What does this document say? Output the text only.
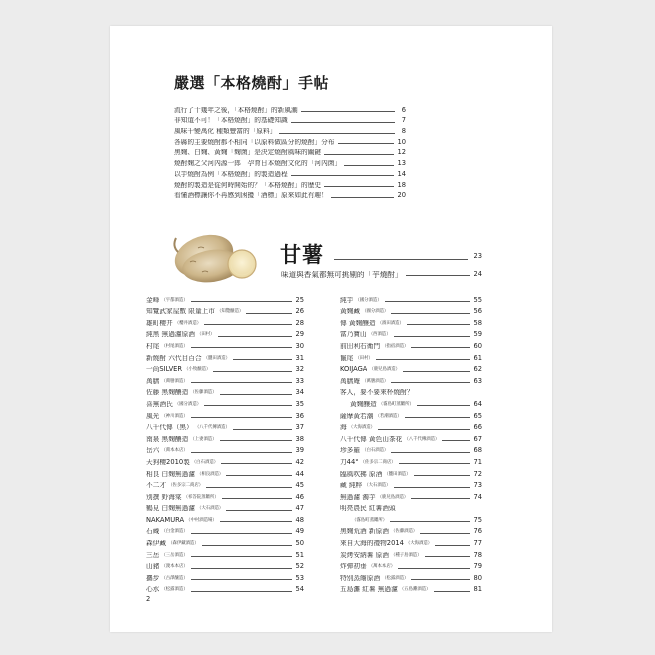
嚴選「本格燒酎」手帖
流行了十幾年之後，「本格燒酎」的新風潮	6
非知道不可！「本格燒酎」的基礎知識	7
風味千變萬化 種類豐富的「原料」	8
各縣的主要燒酎都不相同「以原料做區分的燒酎」分布	10
黑麴、白麴、黃麴「麴菌」是決定燒酎風味的關鍵	12
燒酎麴之父河內源一郎　孕育日本燒酎文化的「河內菌」	13
以芋燒酎為例「本格燒酎」的製造過程	14
燒酎的製造是從何時開始的？「本格燒酎」的歷史	18
看懂酒標讓你不再感到困擾「酒標」原來如此有趣！	20
甘薯	23
味道與香氣都無可挑剔的「芋燒酎」	24
金峰 （宇都酒造）	25
知覽武家屋敷 限量上市 （知覽醸造）	26
雄町櫻井 （櫻井酒造）	28
純黑 無過濾原酒 （田村）	29
村尾 （村尾酒造）	30
新燒酎 六代目百合 （鹽田酒造）	31
一尚SILVER （小牧醸造）	32
萬膳 （萬膳酒造）	33
佐藤 黑麴釀造 （佐藤酒造）	34
喜無酒氏 （國分酒造）	35
風光 （神川酒造）	36
八千代傳（黑） （八千代傳酒造）	37
南泉 黑麴釀造 （上妻酒造）	38
岳六 （萬本本店）	39
天狗櫻2010製 （白石酒造）	42
相良 白麴無過濾 （相良酒造）	44
不二才 （佐多宗二商店）	45
別撰 野海棠 （祁答院蒸餾所）	46
鶴見 白麴無過濾 （大石酒造）	47
NAKAMURA （中村酒造場）	48
石蔵 （白金酒造）	49
森伊藏 （森伊藏酒造）	50
三岳 （三岳酒造）	51
山豬 （渡本本店）	52
攜步 （古澤醸造）	53
心水 （松露酒造）	54
純芋 （國分酒造）	55
黃麴藏 （國分酒造）	56
傳 黃麴釀造 （濱田酒造）	58
富乃寶山 （西酒造）	59
前田利右衛門 （指宿酒造）	60
鬣尾 （田村）	61
KOIJAGA （鹿兒島酒造）	62
萬膳庵 （萬膳酒造）	63
客人，要不要來杯燒酎？
黃麴釀造 （霧島町蒸餾所）	64
薩摩黃若潮 （若潮酒造）	65
海 （大海酒造）	66
八千代傳 黃色山茶花 （八千代傳酒造）	67
珍多羅 （白石酒造）	68
刀44° （佐多宗二商店）	71
臨風吹拂 原酒 （鹽田酒造）	72
藏 純粹 （大石酒造）	73
無過濾 濁芋 （鹿兒島酒造）	74
明亮農民 紅薯酒頭
（霧島町蒸餾所）	75
黑麴荒酒 新原酒 （佐藤酒造）	76
來自大海的禮物2014 （大海酒造）	77
炭烤安納薯 原酒 （種子島酒造）	78
炸彈初垂 （萬本本店）	79
特別蒸餾原酒 （松露酒造）	80
五島灘 紅薯 無過濾 （五島灘酒造）	81
2
